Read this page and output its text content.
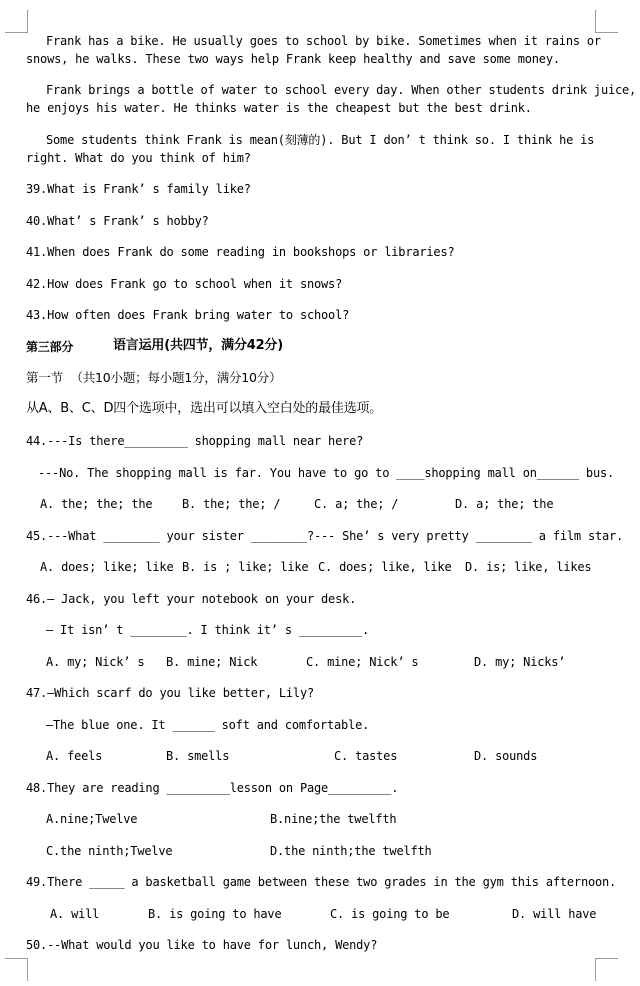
Frank has a bike. He usually goes to school by bike. Sometimes when it rains or
snows, he walks. These two ways help Frank keep healthy and save some money.
Frank brings a bottle of water to school every day. When other students drink juice,
he enjoys his water. He thinks water is the cheapest but the best drink.
Some students think Frank is mean(刻薄的). But I don’ t think so. I think he is
right. What do you think of him?
39.What is Frank’ s family like?
40.What’ s Frank’ s hobby?
41.When does Frank do some reading in bookshops or libraries?
42.How does Frank go to school when it snows?
43.How often does Frank bring water to school?
第三部分	语言运用(共四节，满分42分)
第一节  （共10小题；每小题1分，满分10分）
从A、B、C、D四个选项中，选出可以填入空白处的最佳选项。
44.---Is there_________ shopping mall near here?
---No. The shopping mall is far. You have to go to ____shopping mall on______ bus.

A. the; the; the

B. the; the; /

	C. a; the; /

	D. a; the; the

45.---What ________ your sister ________?--- She’ s very pretty ________ a film star.

A. does; like; like

B. is ; like; like

C. does; like, like

D. is; like, likes

46.— Jack, you left your notebook on your desk.
— It isn’ t ________. I think it’ s _________.

A. my; Nick’ s

B. mine; Nick

	C. mine; Nick’ s

	D. my; Nicks’

47.—Which scarf do you like better, Lily?
—The blue one. It ______ soft and comfortable.

A. feels

	B. smells

	C. tastes

	D. sounds

48.They are reading _________lesson on Page_________.

A.nine;Twelve

	B.nine;the twelfth

C.the ninth;Twelve

	D.the ninth;the twelfth

49.There _____ a basketball game between these two grades in the gym this afternoon.

A. will

	B. is going to have

	C. is going to be

	D. will have

50.--What would you like to have for lunch, Wendy?
